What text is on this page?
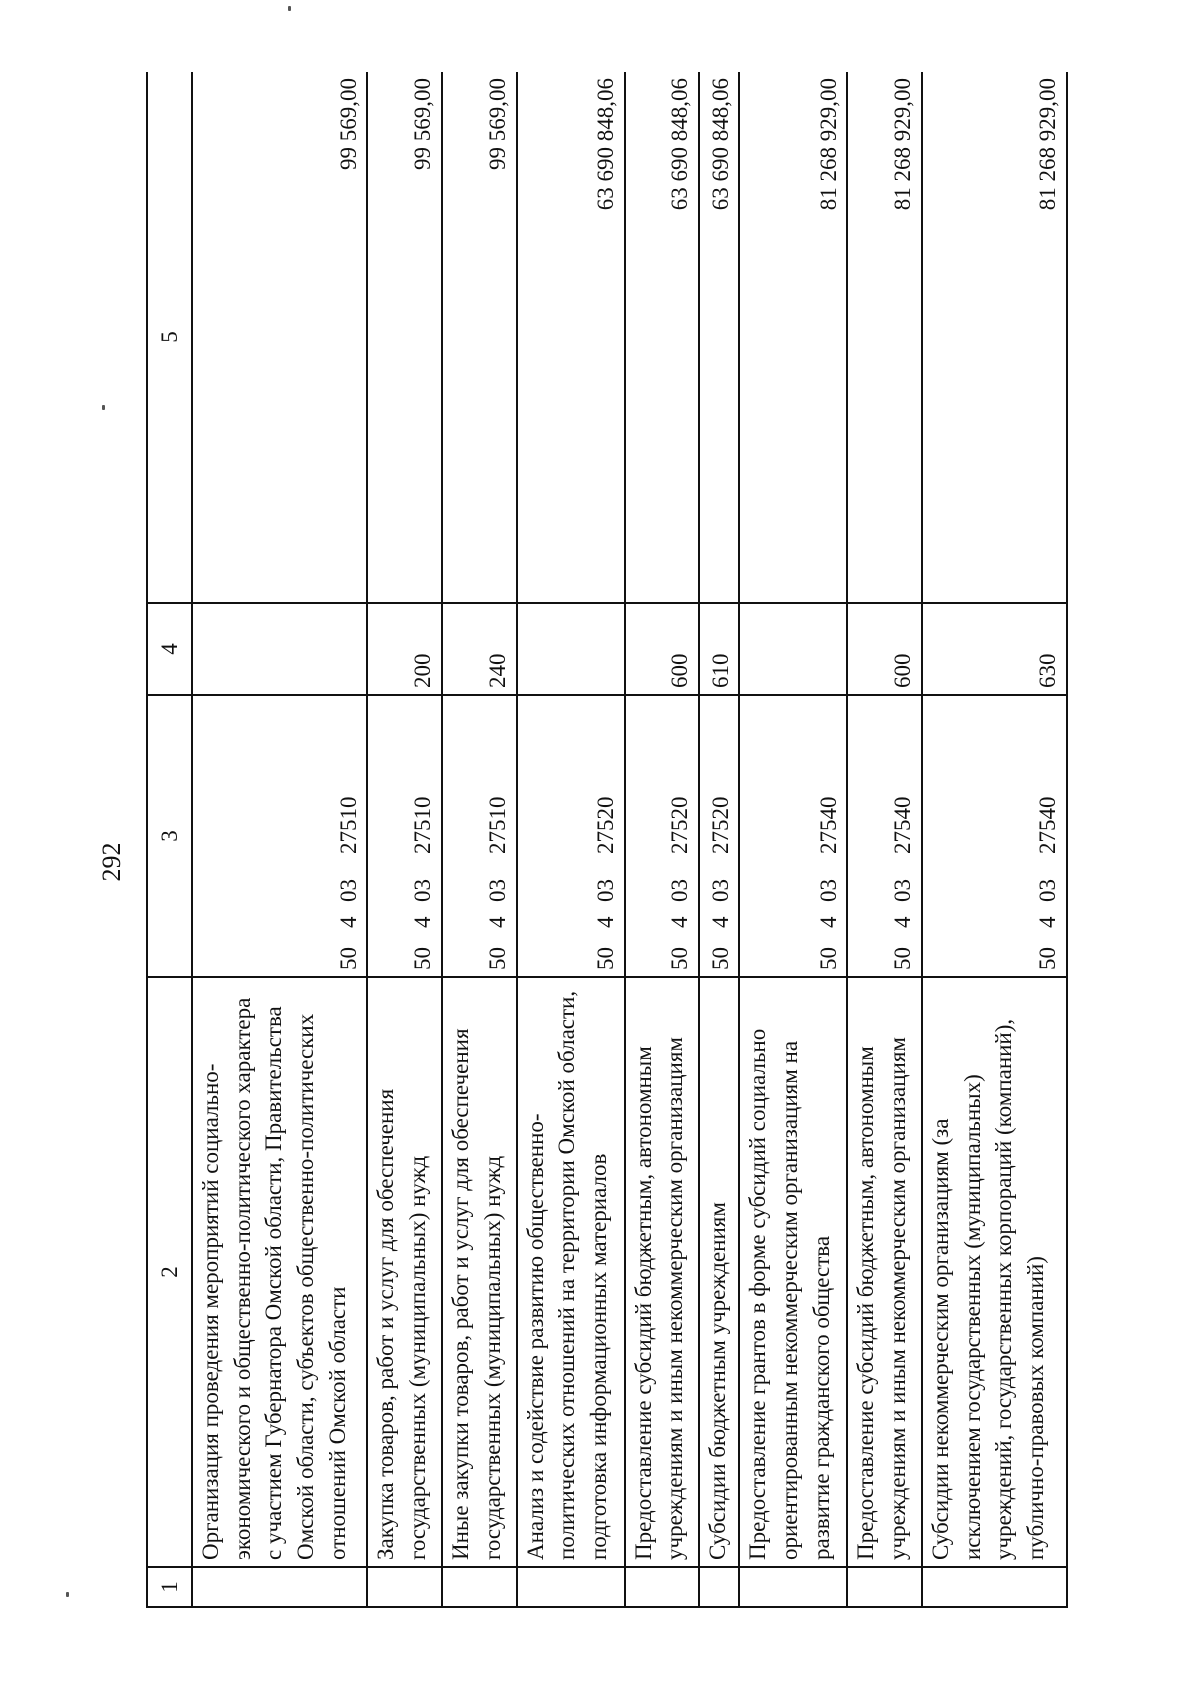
292
1	2	3	4	5
	Организация проведения мероприятий социально-экономического и общественно-политического характера с участием Губернатора Омской области, Правительства Омской области, субъектов общественно-политических отношений Омской области	5040327510		99 569,00
	Закупка товаров, работ и услуг для обеспечения государственных (муниципальных) нужд	5040327510	200	99 569,00
	Иные закупки товаров, работ и услуг для обеспечения государственных (муниципальных) нужд	5040327510	240	99 569,00
	Анализ и содействие развитию общественно-политических отношений на территории Омской области, подготовка информационных материалов	5040327520		63 690 848,06
	Предоставление субсидий бюджетным, автономным учреждениям и иным некоммерческим организациям	5040327520	600	63 690 848,06
	Субсидии бюджетным учреждениям	5040327520	610	63 690 848,06
	Предоставление грантов в форме субсидий социально ориентированным некоммерческим организациям на развитие гражданского общества	5040327540		81 268 929,00
	Предоставление субсидий бюджетным, автономным учреждениям и иным некоммерческим организациям	5040327540	600	81 268 929,00
	Субсидии некоммерческим организациям (за исключением государственных (муниципальных) учреждений, государственных корпораций (компаний), публично-правовых компаний)	5040327540	630	81 268 929,00
